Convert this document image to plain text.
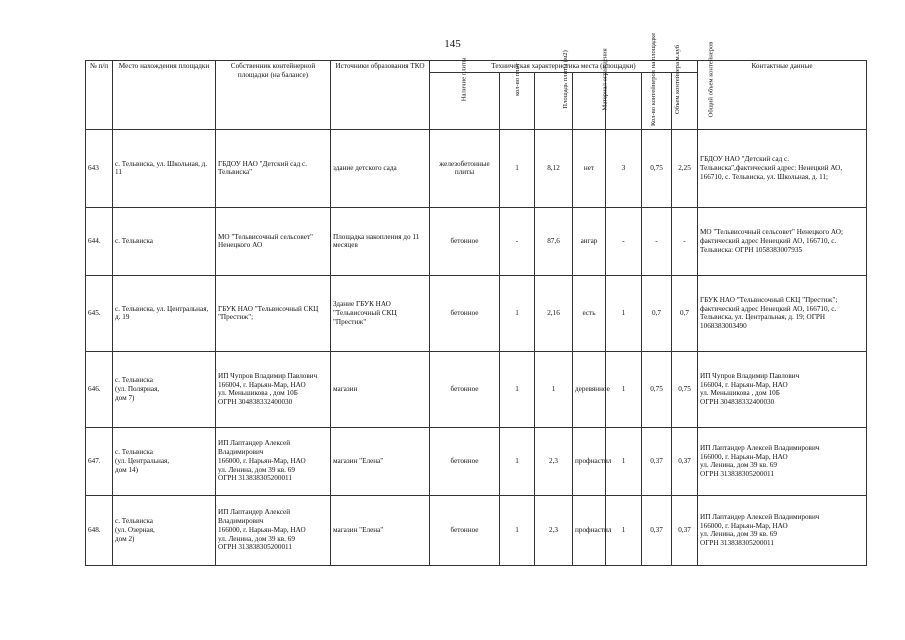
145
№ п/п	Место нахождения площадки	Собственник контейнерной площадки (на балансе)	Источники образования ТКО	Техническая характеристика места (площадки)							Контактные данные
				Наличие плиты	кол-во плит	Площадь плиты (м2)	Материал ограждения	Кол-во контейнеров на площадке	Объем контейнера м.куб	Общий объем контейнеров	
643	с. Тельвиска, ул. Школьная, д. 11	ГБДОУ НАО "Детский сад с. Тельвиска"	здание детского сада	железобетонные плиты	1	8,12	нет	3	0,75	2,25	ГБДОУ НАО "Детский сад с. Тельвиска",фактический адрес: Ненецкий АО, 166710, с. Тельвиска, ул. Школьная, д. 11;
644.	с. Тельвиска	МО "Тельвисочный сельсовет" Ненецкого АО	Площадка накопления до 11 месяцев	бетонное	-	87,6	ангар	-	-	-	МО "Тельвисочный сельсовет" Ненецкого АО; фактический адрес Ненецкий АО, 166710, с. Тельвиска: ОГРН 1058383007935
645.	с. Тельвиска, ул. Центральная, д. 19	ГБУК НАО "Тельвисочный СКЦ "Престиж";	Здание ГБУК НАО "Тельвисочный СКЦ "Престиж"	бетонное	1	2,16	есть	1	0,7	0,7	ГБУК НАО "Тельвисочный СКЦ "Престиж"; фактический адрес Ненецкий АО, 166710, с. Тельвиска, ул. Центральная, д. 19; ОГРН 1068383003490
646.	с. Тельвиска
(ул. Полярная,
дом 7)	ИП Чупров Владимир Павлович
166004, г. Нарьян-Мар, НАО
ул. Меньшикова , дом 10Б
ОГРН 304838332400030	магазин	бетонное	1	1	деревянное	1	0,75	0,75	ИП Чупров Владимир Павлович
166004, г. Нарьян-Мар, НАО
ул. Меньшикова , дом 10Б
ОГРН 304838332400030
647.	с. Тельвиска
(ул. Центральная,
дом 14)	ИП Лаптандер Алексей Владимирович
166000, г. Нарьян-Мар, НАО
ул. Ленина, дом 39 кв. 69
ОГРН 313838305200011	магазин "Елена"	бетонное	1	2,3	профнастил	1	0,37	0,37	ИП Лаптандер Алексей Владимирович
166000, г. Нарьян-Мар, НАО
ул. Ленина, дом 39 кв. 69
ОГРН 313838305200011
648.	с. Тельвиска
(ул. Озерная,
дом 2)	ИП Лаптандер Алексей Владимирович
166000, г. Нарьян-Мар, НАО
ул. Ленина, дом 39 кв. 69
ОГРН 313838305200011	магазин "Елена"	бетонное	1	2,3	профнастил	1	0,37	0,37	ИП Лаптандер Алексей Владимирович
166000, г. Нарьян-Мар, НАО
ул. Ленина, дом 39 кв. 69
ОГРН 313838305200011
